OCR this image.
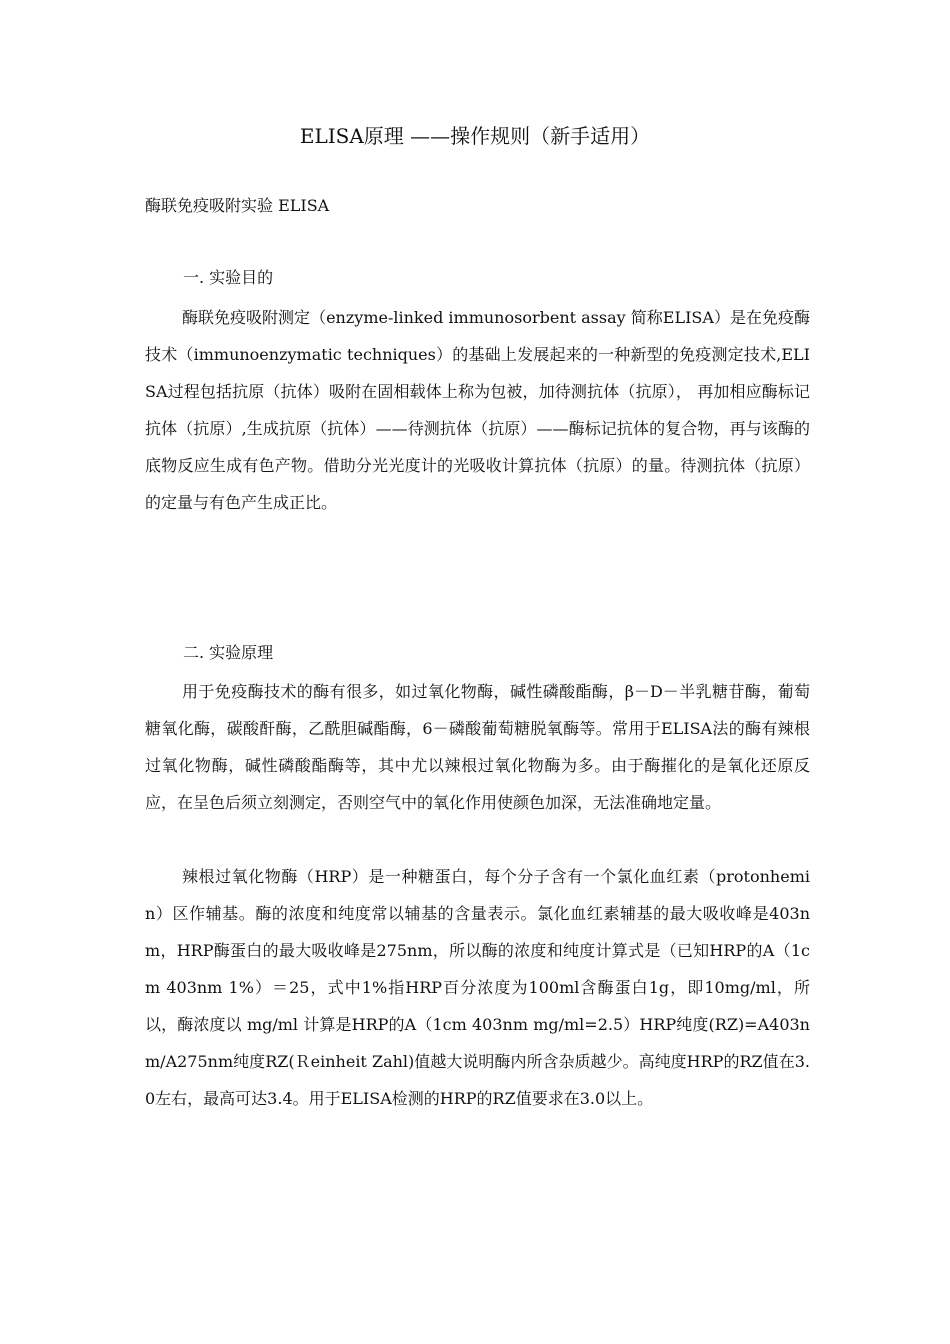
ELISA原理 ——操作规则（新手适用）
酶联免疫吸附实验 ELISA
一. 实验目的
酶联免疫吸附测定（enzyme-linked immunosorbent assay 简称ELISA）是在免疫酶技术（immunoenzymatic techniques）的基础上发展起来的一种新型的免疫测定技术,ELISA过程包括抗原（抗体）吸附在固相载体上称为包被，加待测抗体（抗原）， 再加相应酶标记抗体（抗原）,生成抗原（抗体）——待测抗体（抗原）——酶标记抗体的复合物，再与该酶的底物反应生成有色产物。借助分光光度计的光吸收计算抗体（抗原）的量。待测抗体（抗原）的定量与有色产生成正比。
二. 实验原理
用于免疫酶技术的酶有很多，如过氧化物酶，碱性磷酸酯酶，β－D－半乳糖苷酶，葡萄糖氧化酶，碳酸酐酶，乙酰胆碱酯酶，6－磷酸葡萄糖脱氧酶等。常用于ELISA法的酶有辣根过氧化物酶，碱性磷酸酯酶等，其中尤以辣根过氧化物酶为多。由于酶摧化的是氧化还原反应，在呈色后须立刻测定，否则空气中的氧化作用使颜色加深，无法准确地定量。
辣根过氧化物酶（HRP）是一种糖蛋白，每个分子含有一个氯化血红素（protonhemin）区作辅基。酶的浓度和纯度常以辅基的含量表示。氯化血红素辅基的最大吸收峰是403nm，HRP酶蛋白的最大吸收峰是275nm，所以酶的浓度和纯度计算式是（已知HRP的A（1cm 403nm 1%）＝25，式中1%指HRP百分浓度为100ml含酶蛋白1g，即10mg/ml，所以，酶浓度以 mg/ml 计算是HRP的A（1cm 403nm mg/ml=2.5）HRP纯度(RZ)=A403nm/A275nm纯度RZ(Ｒeinheit Zahl)值越大说明酶内所含杂质越少。高纯度HRP的RZ值在3.0左右，最高可达3.4。用于ELISA检测的HRP的RZ值要求在3.0以上。
